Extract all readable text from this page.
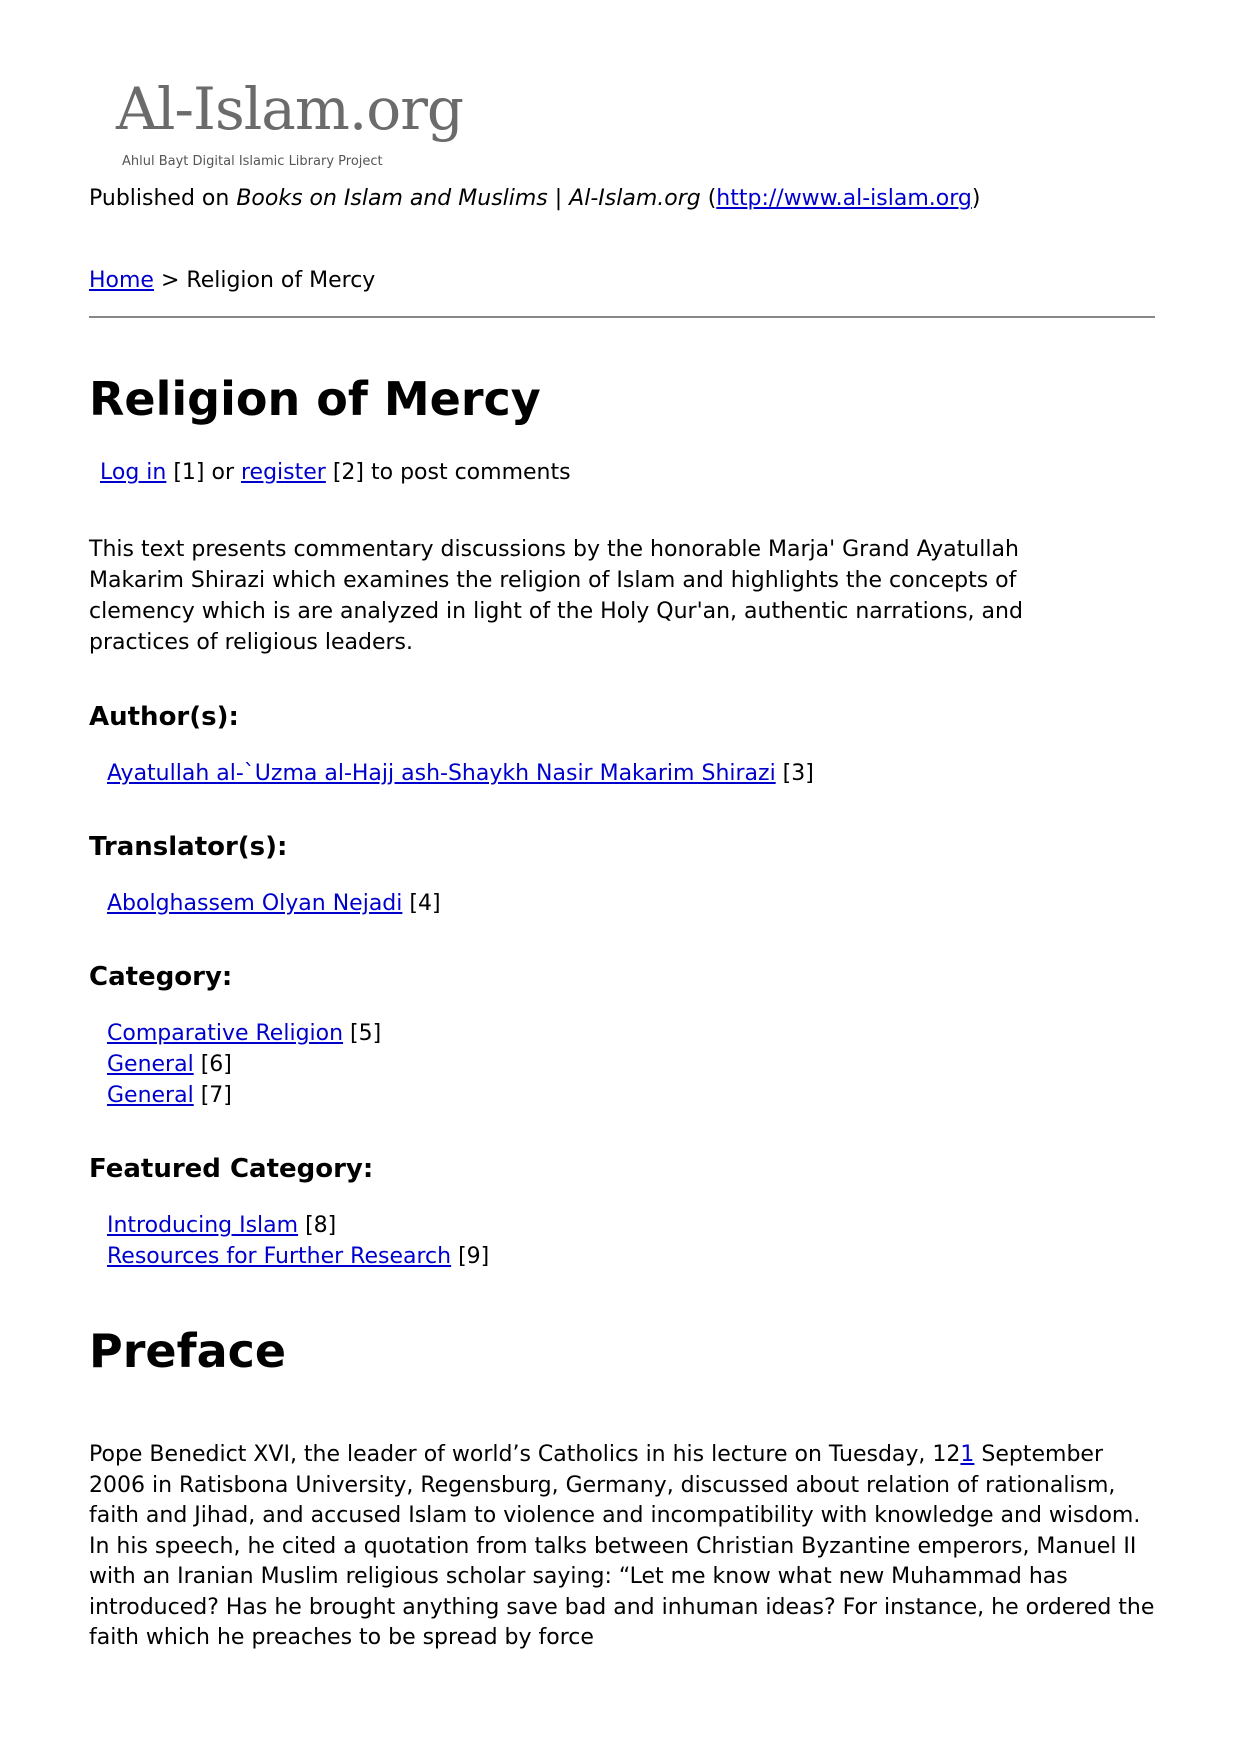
Al-Islam.org
Ahlul Bayt Digital Islamic Library Project
Published on Books on Islam and Muslims | Al-Islam.org (http://www.al-islam.org)
Home > Religion of Mercy
Religion of Mercy
Log in [1] or register [2] to post comments

This text presents commentary discussions by the honorable Marja' Grand Ayatullah Makarim Shirazi which examines the religion of Islam and highlights the concepts of clemency which is are analyzed in light of the Holy Qur'an, authentic narrations, and practices of religious leaders.

Author(s):
Ayatullah al-`Uzma al-Hajj ash-Shaykh Nasir Makarim Shirazi [3]
Translator(s):
Abolghassem Olyan Nejadi [4]
Category:
Comparative Religion [5]
General [6]
General [7]
Featured Category:
Introducing Islam [8]
Resources for Further Research [9]
Preface

Pope Benedict XVI, the leader of world’s Catholics in his lecture on Tuesday, 121 September 2006 in Ratisbona University, Regensburg, Germany, discussed about relation of rationalism, faith and Jihad, and accused Islam to violence and incompatibility with knowledge and wisdom. In his speech, he cited a quotation from talks between Christian Byzantine emperors, Manuel II with an Iranian Muslim religious scholar saying: “Let me know what new Muhammad has introduced? Has he brought anything save bad and inhuman ideas? For instance, he ordered the faith which he preaches to be spread by force
